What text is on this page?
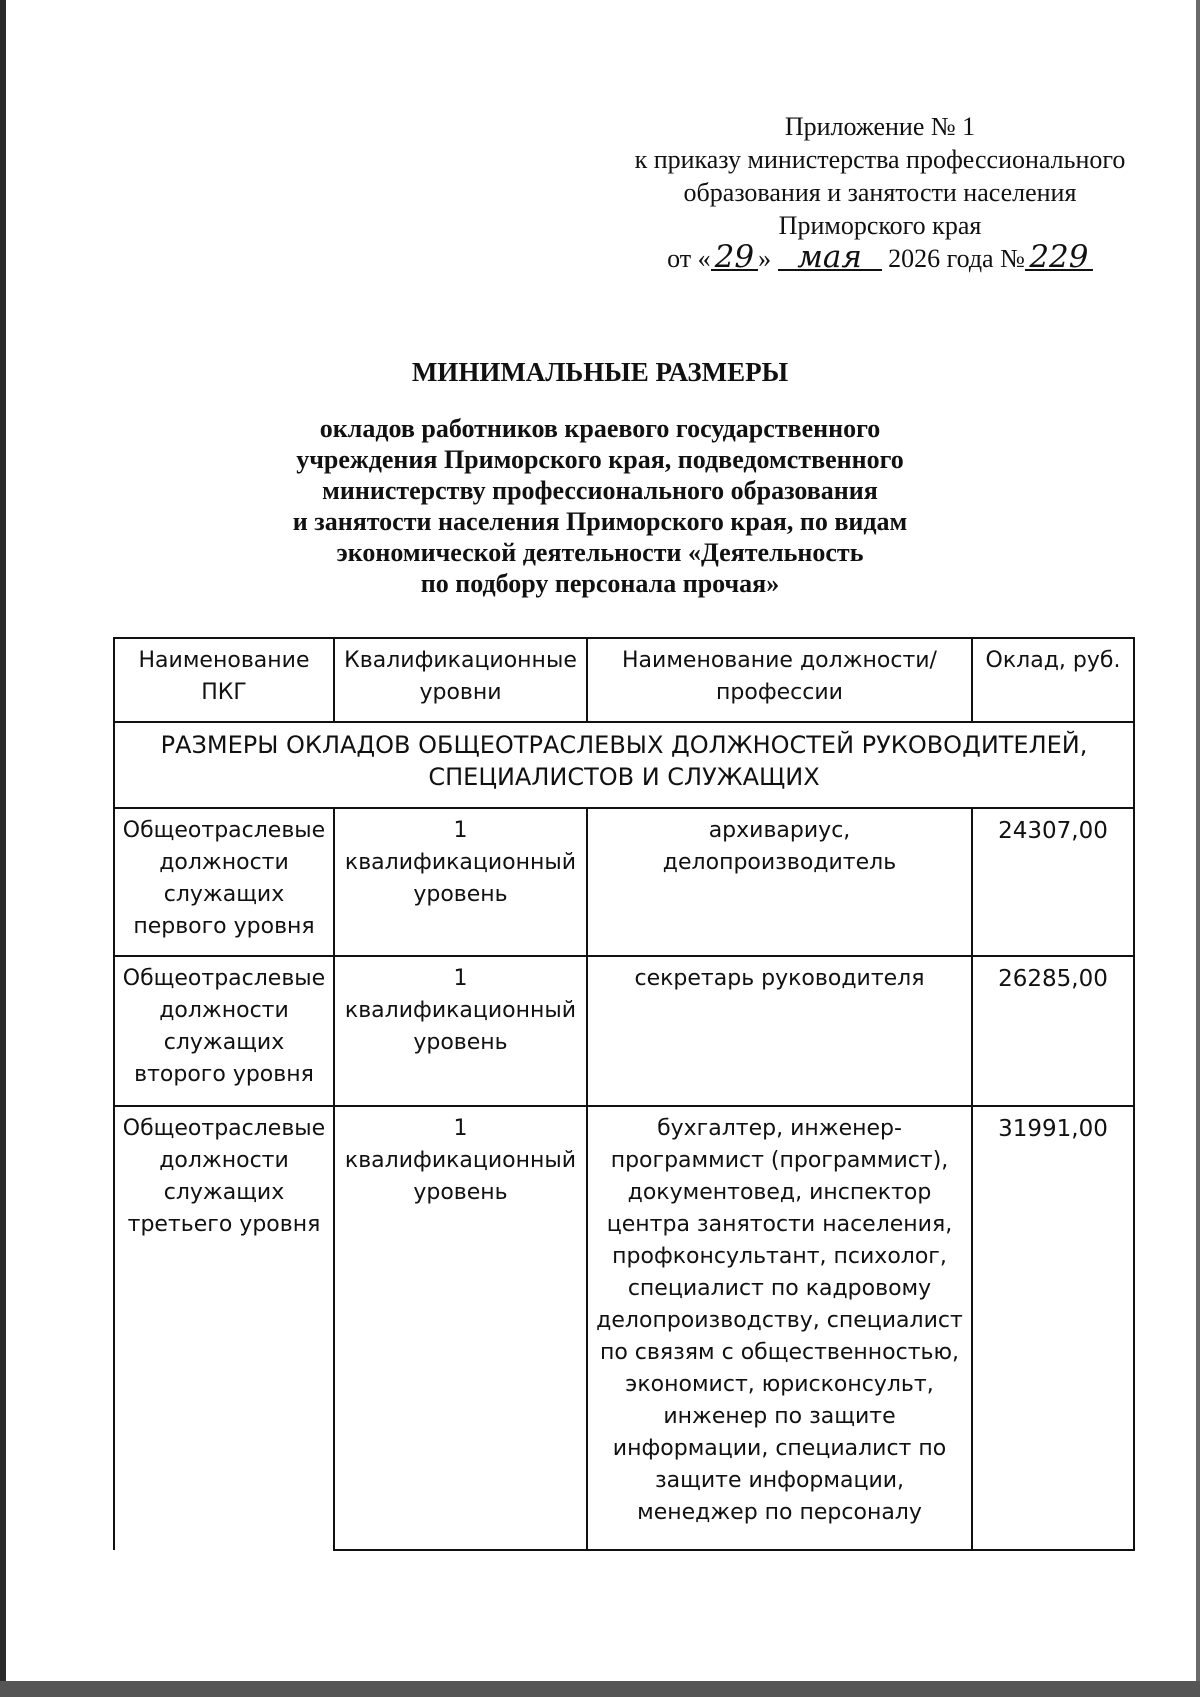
Приложение № 1
к приказу министерства профессионального
образования и занятости населения
Приморского края
от « 29 » мая 2026 года № 229
МИНИМАЛЬНЫЕ РАЗМЕРЫ
окладов работников краевого государственного
учреждения Приморского края, подведомственного
министерству профессионального образования
и занятости населения Приморского края, по видам
экономической деятельности «Деятельность
по подбору персонала прочая»
Наименование ПКГ	Квалификационные уровни	Наименование должности/профессии	Оклад, руб.
РАЗМЕРЫ ОКЛАДОВ ОБЩЕОТРАСЛЕВЫХ ДОЛЖНОСТЕЙ РУКОВОДИТЕЛЕЙ, СПЕЦИАЛИСТОВ И СЛУЖАЩИХ			
Общеотраслевые должности служащих первого уровня	1 квалификационный уровень	архивариус, делопроизводитель	24307,00
Общеотраслевые должности служащих второго уровня	1 квалификационный уровень	секретарь руководителя	26285,00
Общеотраслевые должности служащих третьего уровня	1 квалификационный уровень	бухгалтер, инженер-программист (программист), документовед, инспектор центра занятости населения, профконсультант, психолог, специалист по кадровому делопроизводству, специалист по связям с общественностью, экономист, юрисконсульт, инженер по защите информации, специалист по защите информации, менеджер по персоналу	31991,00
